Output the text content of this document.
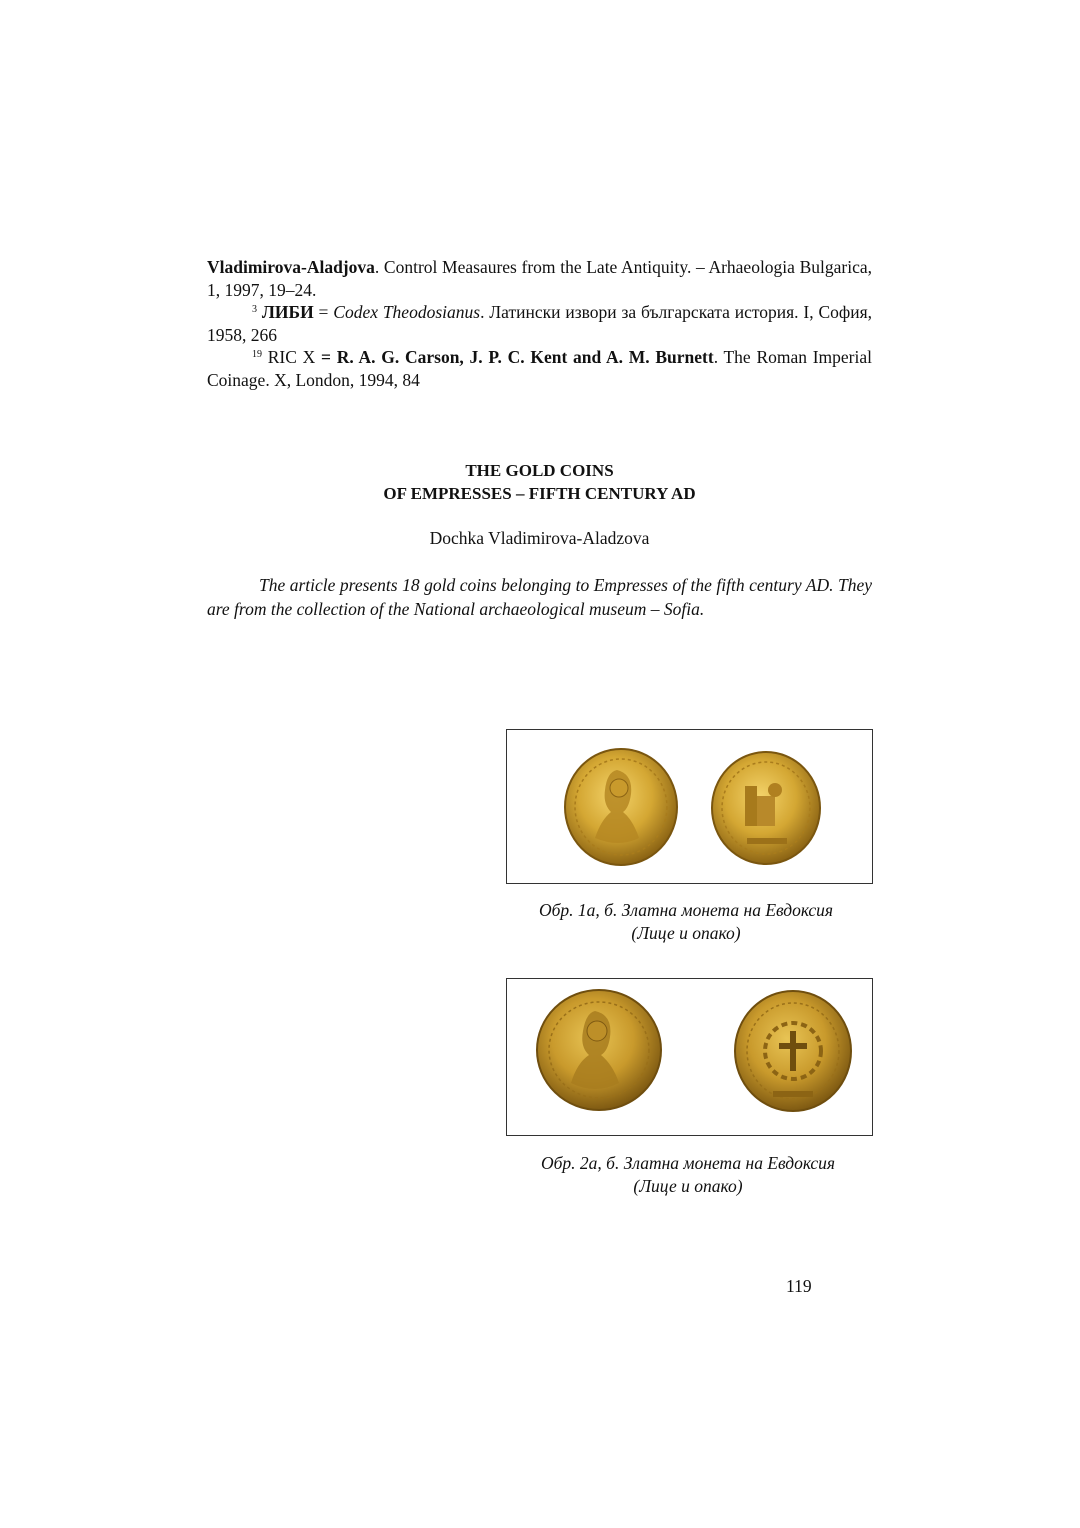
Vladimirova-Aladjova. Control Measaures from the Late Antiquity. – Arhaeologia Bulgarica, 1, 1997, 19–24.

$^3$ ЛИБИ = Codex Theodosianus. Латински извори за българската история. I, София, 1958, 266

$^{19}$ RIC X = R. A. G. Carson, J. P. C. Kent and A. M. Burnett. The Roman Imperial Coinage. X, London, 1994, 84

THE GOLD COINS
OF EMPRESSES – FIFTH CENTURY AD
Dochka Vladimirova-Aladzova

The article presents 18 gold coins belonging to Empresses of the fifth century AD. They are from the collection of the National archaeological museum – Sofia.

Обр. 1а, б. Златна монета на Евдоксия
(Лице и опако)
Обр. 2а, б. Златна монета на Евдоксия
(Лице и опако)
119
